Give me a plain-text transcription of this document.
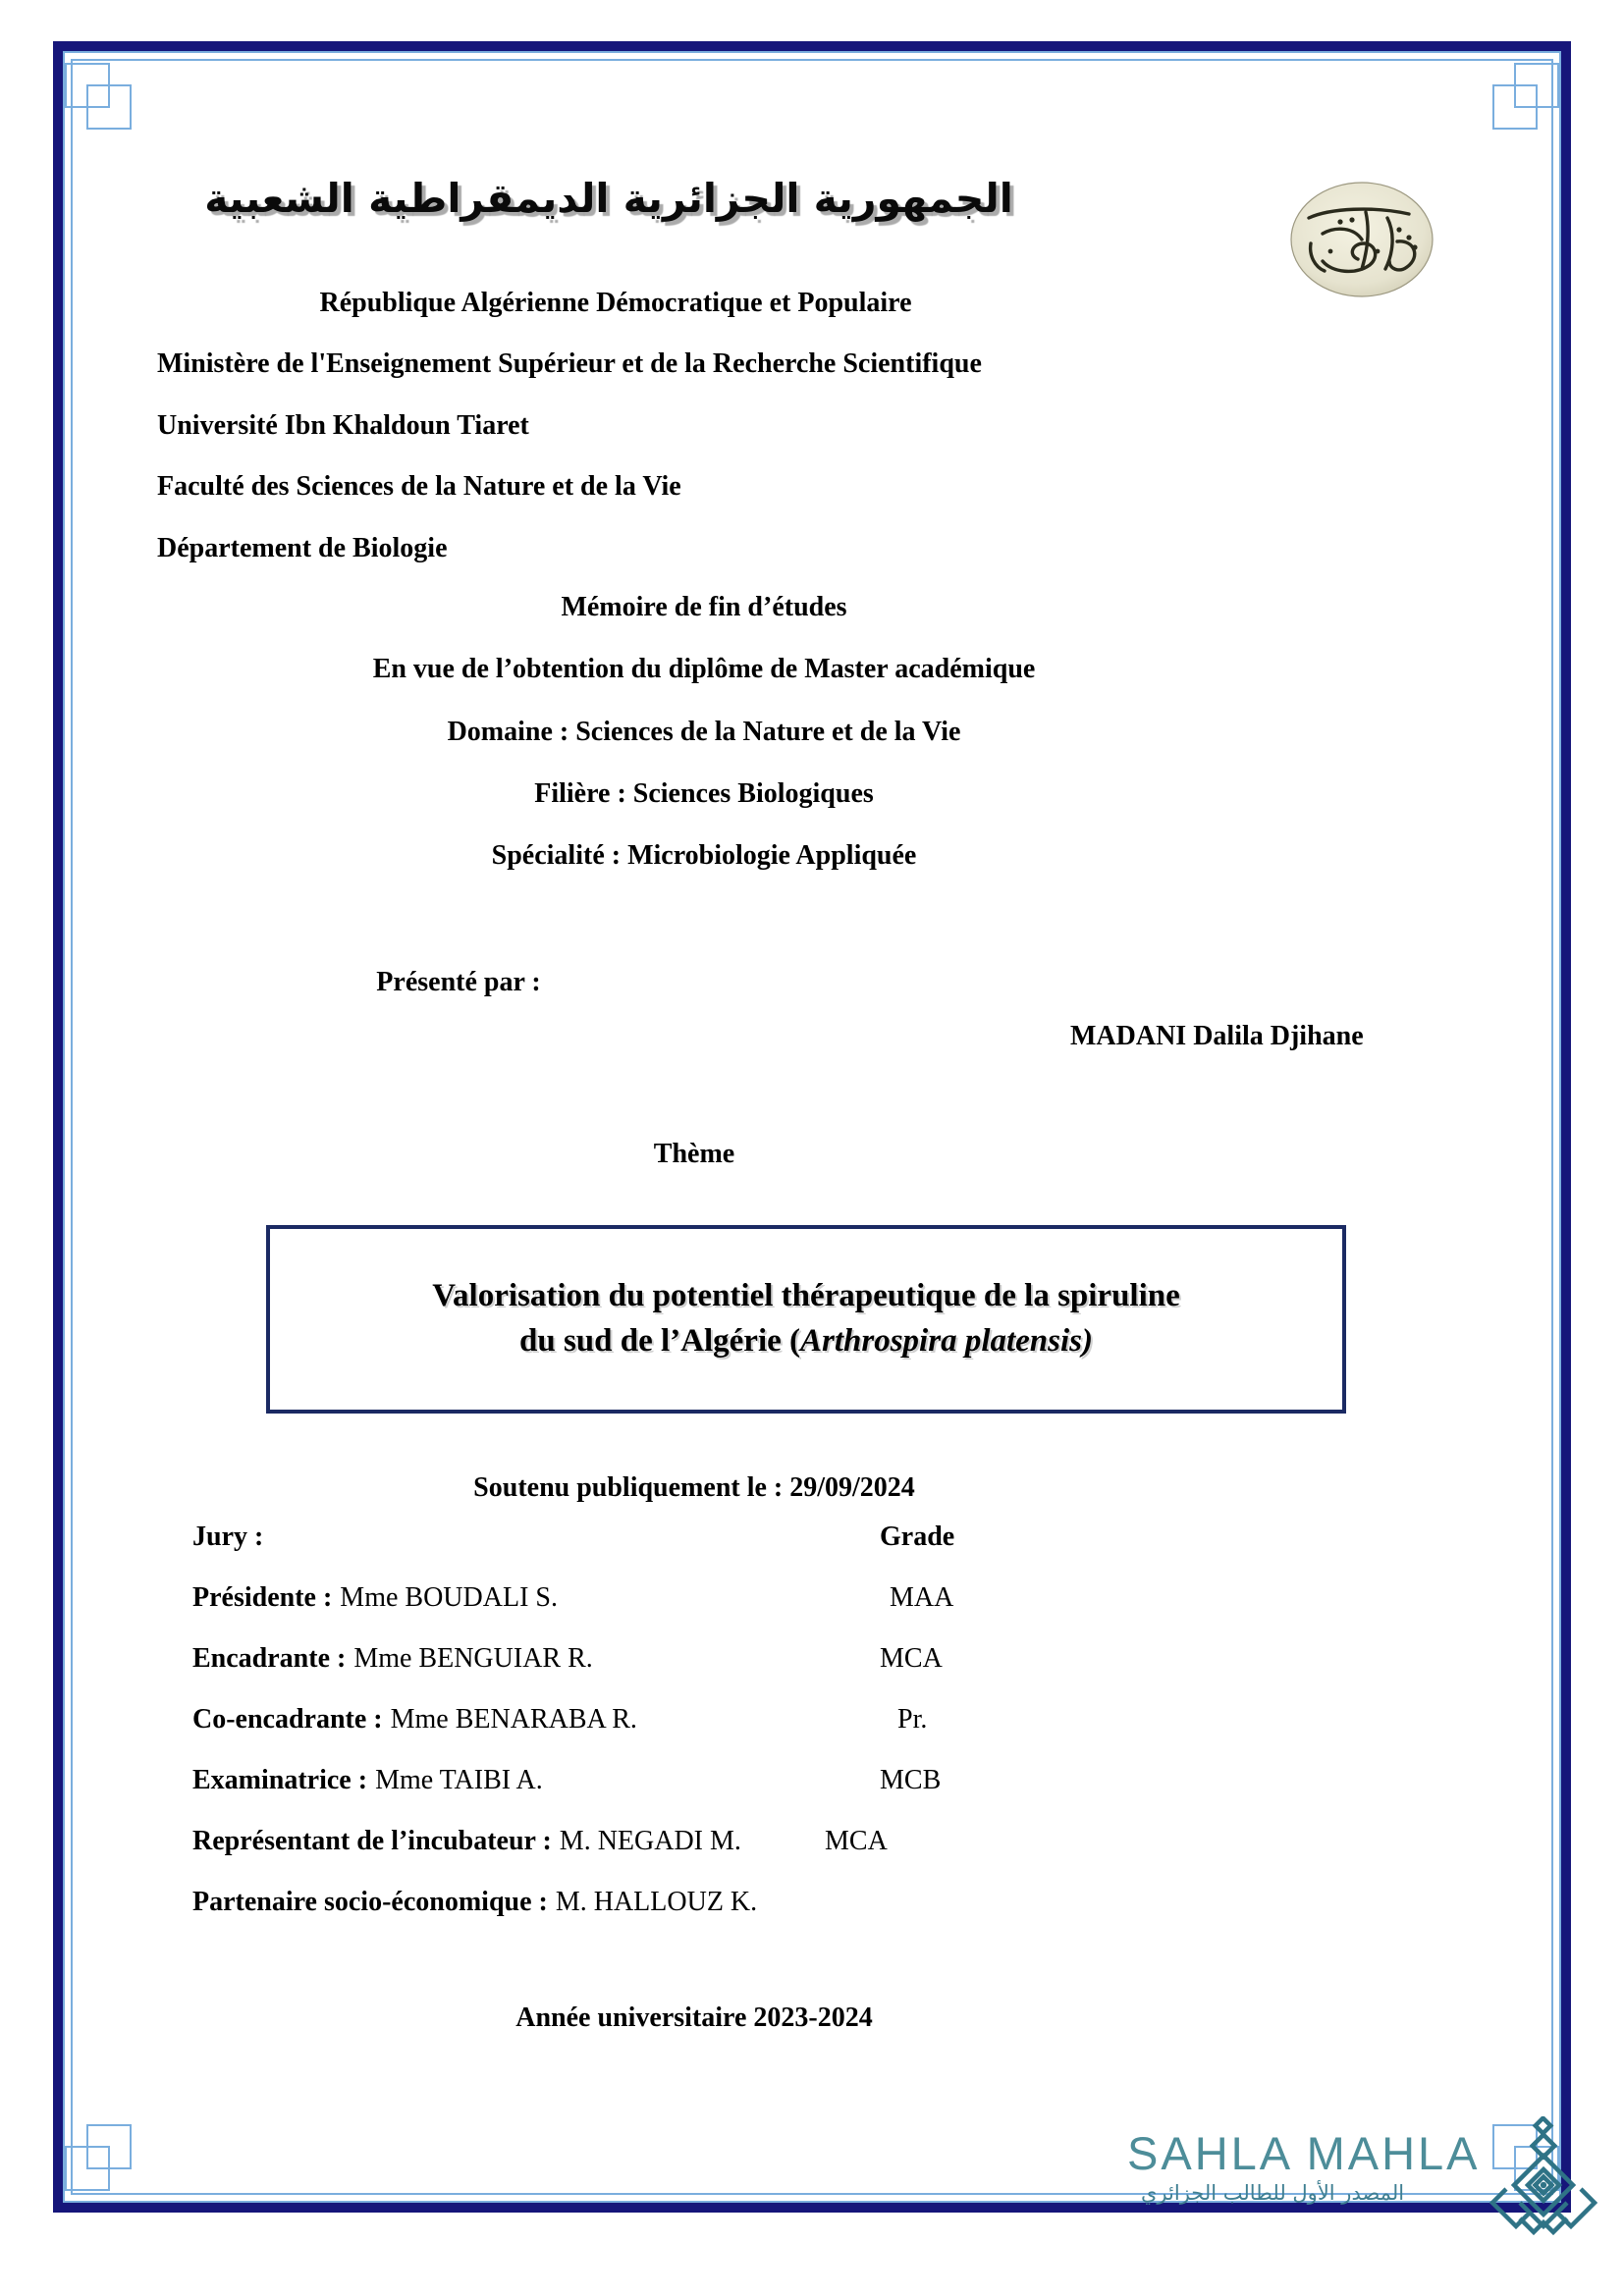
الجمهورية الجزائرية الديمقراطية الشعبية
République Algérienne Démocratique et Populaire
Ministère de l'Enseignement Supérieur et de la Recherche Scientifique
Université Ibn Khaldoun Tiaret
Faculté des Sciences de la Nature et de la Vie
Département de Biologie
Mémoire de fin d’études
En vue de l’obtention du diplôme de Master académique
Domaine : Sciences de la Nature et de la Vie
Filière : Sciences Biologiques
Spécialité : Microbiologie Appliquée
Présenté par :
MADANI Dalila Djihane
Thème
Valorisation du potentiel thérapeutique de la spiruline
du sud de l’Algérie (Arthrospira platensis)
Soutenu publiquement le : 29/09/2024
Jury :	Grade
Présidente : Mme BOUDALI S.	MAA
Encadrante : Mme BENGUIAR R.	MCA
Co-encadrante : Mme BENARABA R.	Pr.
Examinatrice : Mme TAIBI A.	MCB
Représentant de l’incubateur : M. NEGADI M.	MCA
Partenaire socio-économique : M. HALLOUZ K.
Année universitaire 2023-2024
SAHLA MAHLA
المصدر الأول للطالب الجزائري
